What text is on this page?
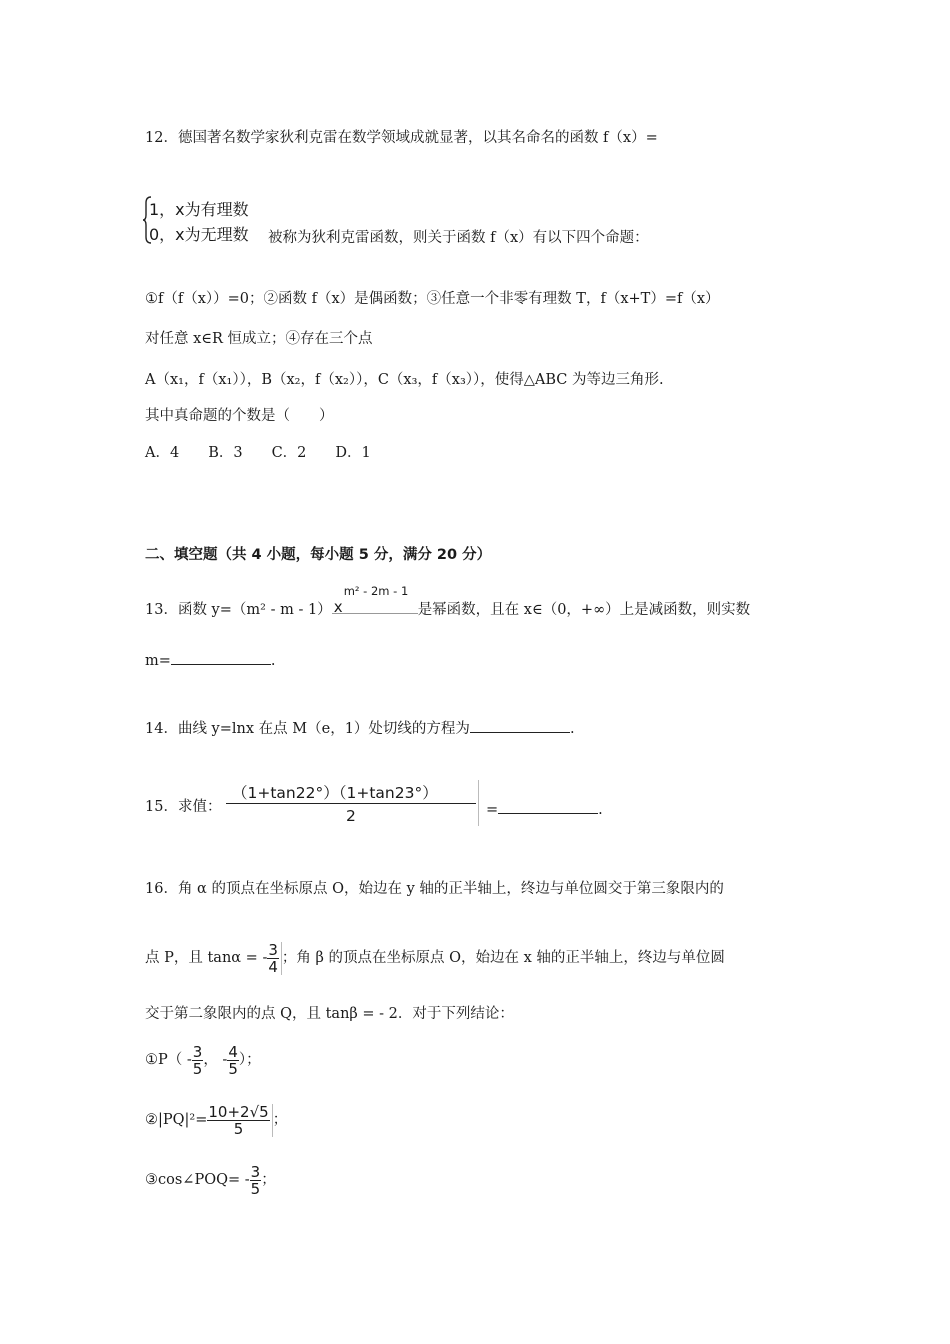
12．德国著名数学家狄利克雷在数学领域成就显著，以其名命名的函数 f（x）=
1，x为有理数
0，x为无理数 被称为狄利克雷函数，则关于函数 f（x）有以下四个命题：
①f（f（x））=0；②函数 f（x）是偶函数；③任意一个非零有理数 T，f（x+T）=f（x）
对任意 x∈R 恒成立；④存在三个点
A（x₁，f（x₁）），B（x₂，f（x₂）），C（x₃，f（x₃）），使得△ABC 为等边三角形.
其中真命题的个数是（　　）
A．4　　B．3　　C．2　　D．1
二、填空题（共 4 小题，每小题 5 分，满分 20 分）
13．函数 y=（m² - m - 1） x
m² - 2m - 1
是幂函数，且在 x∈（0，+∞）上是减函数，则实数
m=	.
14．曲线 y=lnx 在点 M（e，1）处切线的方程为	.
15．求值：
（1+tan22°）（1+tan23°）
2	=	.
16．角 α 的顶点在坐标原点 O，始边在 y 轴的正半轴上，终边与单位圆交于第三象限内的
点 P，且 tanα = - $\frac{3}{4}$ ；角 β 的顶点在坐标原点 O，始边在 x 轴的正半轴上，终边与单位圆
交于第二象限内的点 Q，且 tanβ = - 2．对于下列结论：
①P（ - $\frac{3}{5}$ ， - $\frac{4}{5}$ ）；
②|PQ|²= $\frac{10+2√5}{5}$ ；
③cos∠POQ= - $\frac{3}{5}$ ；
